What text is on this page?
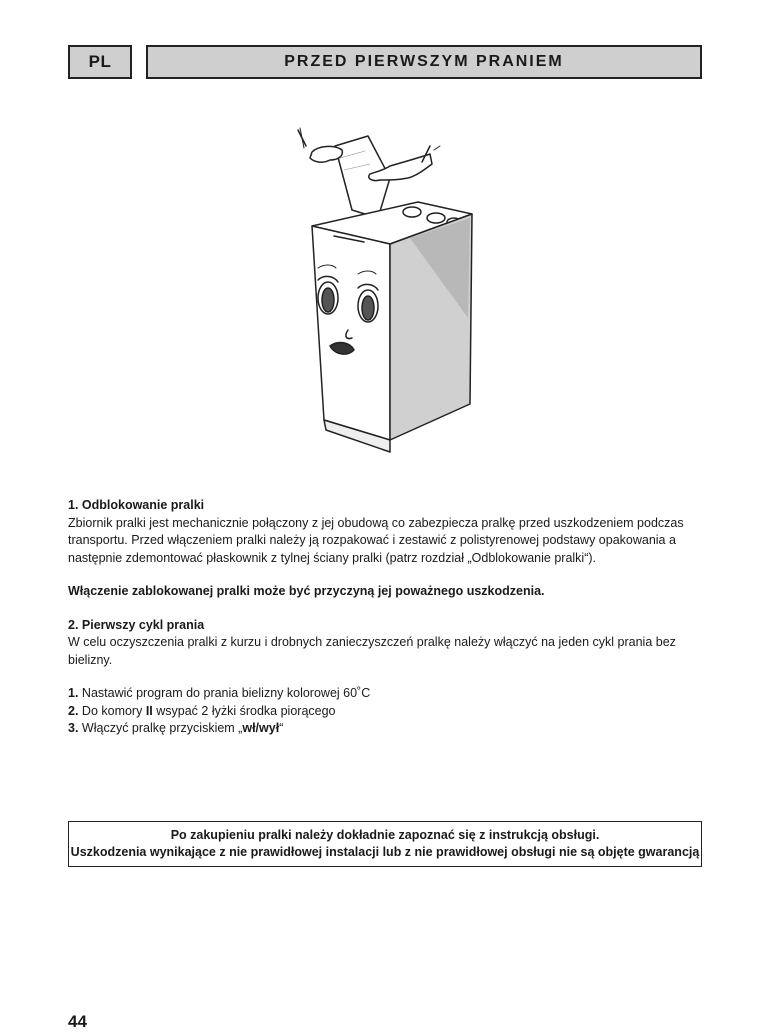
PL	PRZED PIERWSZYM PRANIEM

1. Odblokowanie pralki

Zbiornik pralki jest mechanicznie połączony z jej obudową co zabezpiecza pralkę przed uszkodzeniem podczas

transportu. Przed włączeniem pralki należy ją rozpakować i zestawić z polistyrenowej podstawy opakowania a

następnie zdemontować płaskownik z tylnej ściany pralki (patrz rozdział „Odblokowanie pralki“).

Włączenie zablokowanej pralki może być przyczyną jej poważnego uszkodzenia.

2. Pierwszy cykl prania

W celu oczyszczenia pralki z kurzu i drobnych zanieczyszczeń pralkę należy włączyć na jeden cykl prania bez

bielizny.

1. Nastawić program do prania bielizny kolorowej 60˚C

2. Do komory II wsypać 2 łyżki środka piorącego

3. Włączyć pralkę przyciskiem „wł/wył“

Po zakupieniu pralki należy dokładnie zapoznać się z instrukcją obsługi.
Uszkodzenia wynikające z nie prawidłowej instalacji lub z nie prawidłowej obsługi nie są objęte gwarancją
44
